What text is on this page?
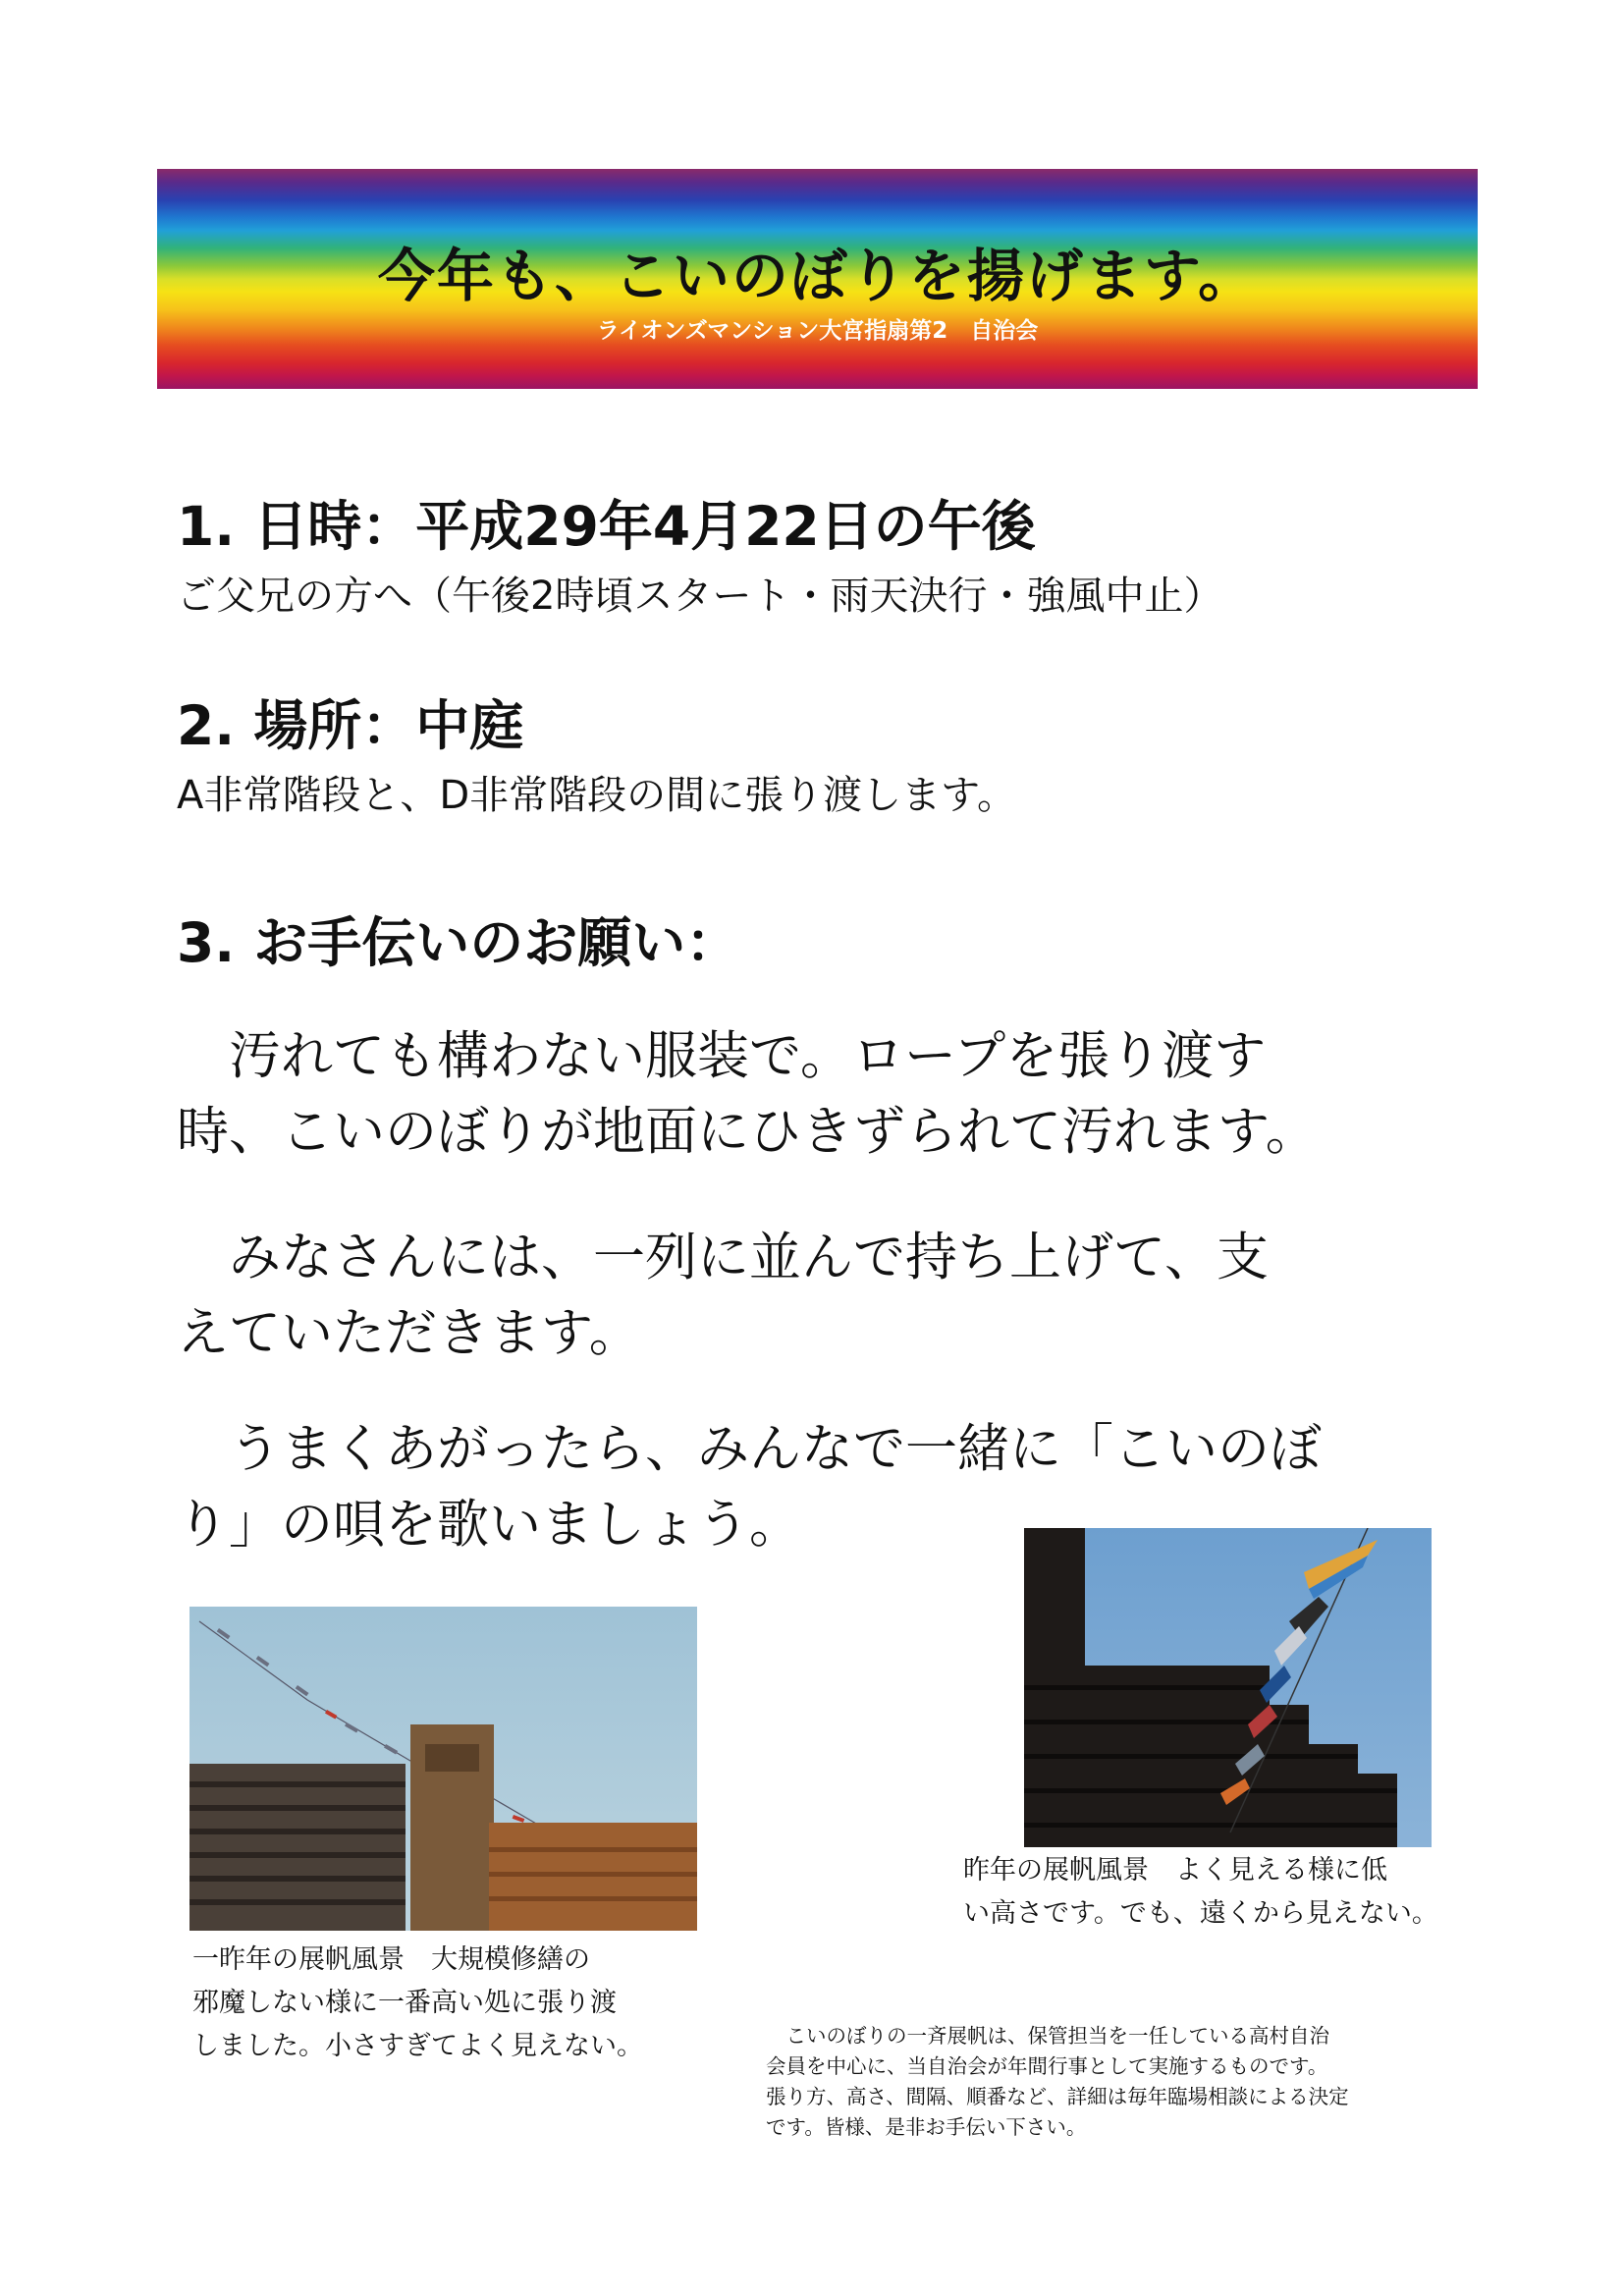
今年も、こいのぼりを揚げます。
ライオンズマンション大宮指扇第2　自治会
1. 日時：平成29年4月22日の午後
ご父兄の方へ（午後2時頃スタート・雨天決行・強風中止）
2. 場所：中庭
A非常階段と、D非常階段の間に張り渡します。
3. お手伝いのお願い：
　汚れても構わない服装で。ロープを張り渡す
時、こいのぼりが地面にひきずられて汚れます。
　みなさんには、一列に並んで持ち上げて、支
えていただきます。
　うまくあがったら、みんなで一緒に「こいのぼ
り」の唄を歌いましょう。
一昨年の展帆風景　大規模修繕の
邪魔しない様に一番高い処に張り渡
しました。小さすぎてよく見えない。
昨年の展帆風景　よく見える様に低
い高さです。でも、遠くから見えない。
　こいのぼりの一斉展帆は、保管担当を一任している高村自治
会員を中心に、当自治会が年間行事として実施するものです。
張り方、高さ、間隔、順番など、詳細は毎年臨場相談による決定
です。皆様、是非お手伝い下さい。
